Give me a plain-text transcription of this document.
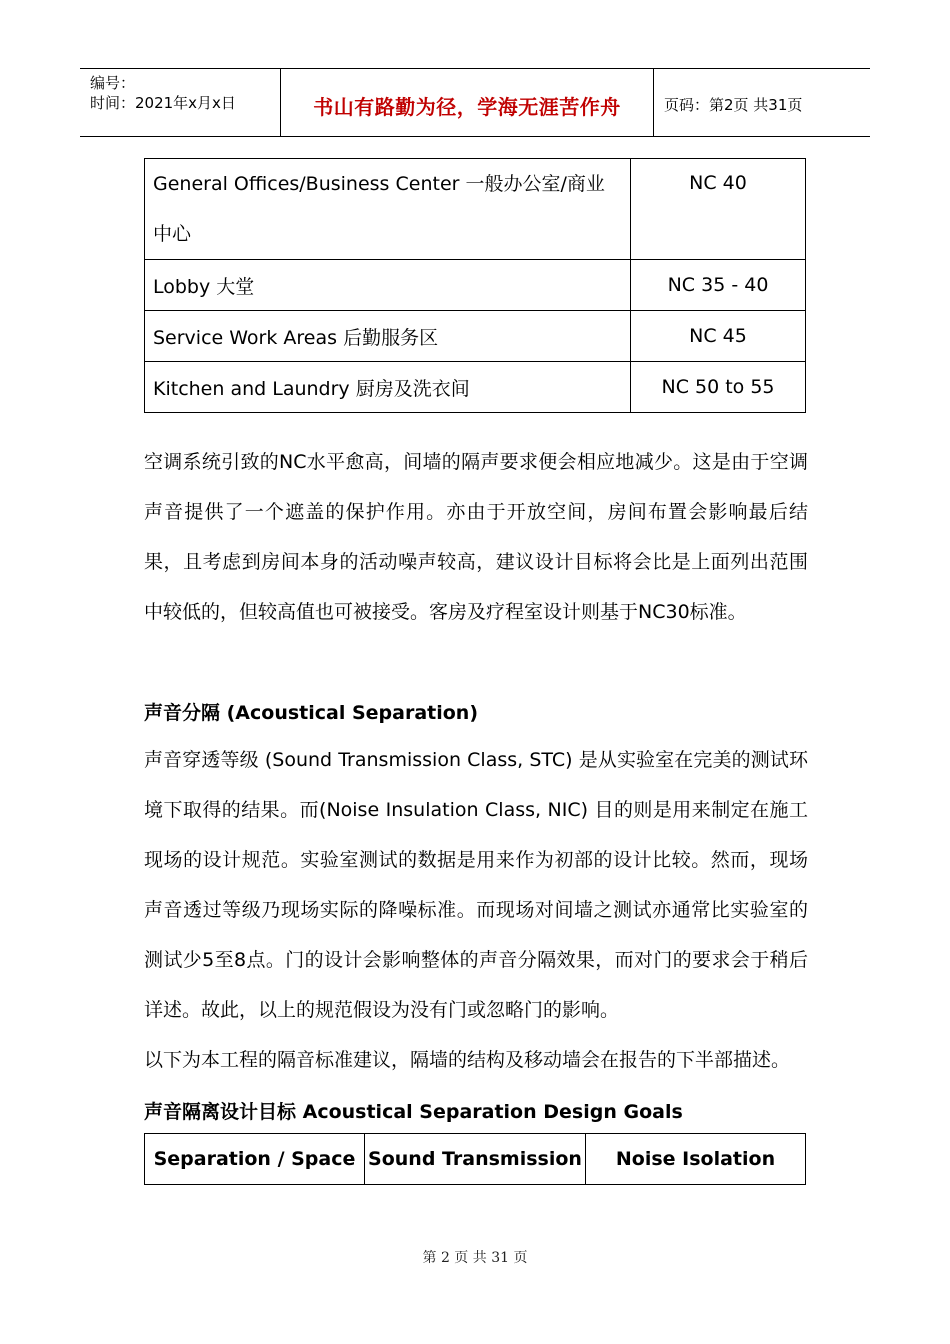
编号：
时间：2021年x月x日	书山有路勤为径，学海无涯苦作舟	页码：第2页 共31页
General Offices/Business Center 一般办公室/商业中心	NC 40
Lobby 大堂	NC 35 - 40
Service Work Areas 后勤服务区	NC 45
Kitchen and Laundry 厨房及洗衣间	NC 50 to 55

空调系统引致的NC水平愈高，间墙的隔声要求便会相应地减少。这是由于空调声音提供了一个遮盖的保护作用。亦由于开放空间，房间布置会影响最后结果，且考虑到房间本身的活动噪声较高，建议设计目标将会比是上面列出范围中较低的，但较高值也可被接受。客房及疗程室设计则基于NC30标准。

声音分隔 (Acoustical Separation)

声音穿透等级 (Sound Transmission Class, STC) 是从实验室在完美的测试环境下取得的结果。而(Noise Insulation Class, NIC) 目的则是用来制定在施工现场的设计规范。实验室测试的数据是用来作为初部的设计比较。然而，现场声音透过等级乃现场实际的降噪标准。而现场对间墙之测试亦通常比实验室的测试少5至8点。门的设计会影响整体的声音分隔效果，而对门的要求会于稍后详述。故此，以上的规范假设为没有门或忽略门的影响。

以下为本工程的隔音标准建议，隔墙的结构及移动墙会在报告的下半部描述。

声音隔离设计目标 Acoustical Separation Design Goals
Separation / Space	Sound Transmission	Noise Isolation
第 2 页 共 31 页
